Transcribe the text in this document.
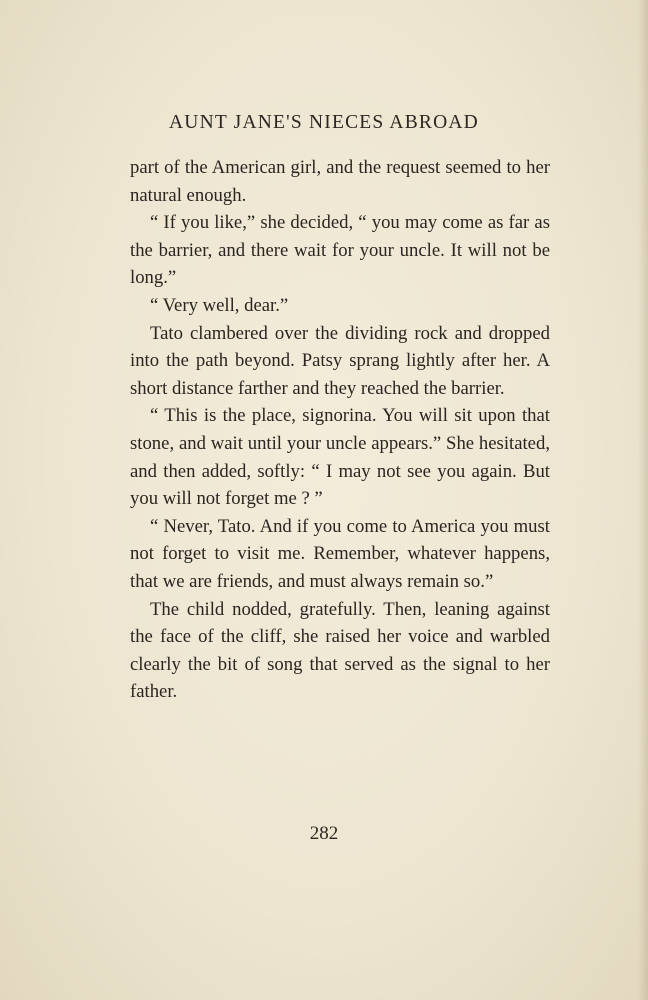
AUNT JANE'S NIECES ABROAD

part of the American girl, and the request seemed to her natural enough.

“ If you like,” she decided, “ you may come as far as the barrier, and there wait for your uncle. It will not be long.”

“ Very well, dear.”

Tato clambered over the dividing rock and dropped into the path beyond. Patsy sprang lightly after her. A short distance farther and they reached the barrier.

“ This is the place, signorina. You will sit upon that stone, and wait until your uncle appears.” She hesitated, and then added, softly: “ I may not see you again. But you will not forget me ? ”

“ Never, Tato. And if you come to America you must not forget to visit me. Remember, whatever happens, that we are friends, and must always remain so.”

The child nodded, gratefully. Then, leaning against the face of the cliff, she raised her voice and warbled clearly the bit of song that served as the signal to her father.

282
